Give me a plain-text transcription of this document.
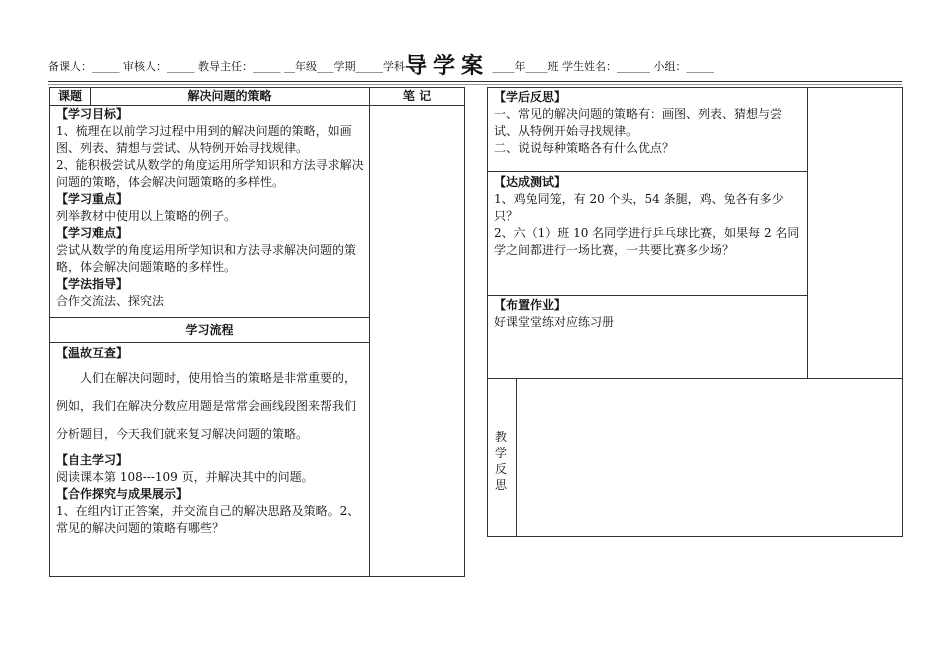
备课人：_____ 审核人：_____ 教导主任：_____ __年级___学期_____学科导学案 ____年____班 学生姓名：______ 小组：_____
课题	解决问题的策略	笔 记
【学习目标】

1、梳理在以前学习过程中用到的解决问题的策略，如画图、列表、猜想与尝试、从特例开始寻找规律。

2、能积极尝试从数学的角度运用所学知识和方法寻求解决问题的策略，体会解决问题策略的多样性。

【学习重点】

列举教材中使用以上策略的例子。

【学习难点】

尝试从数学的角度运用所学知识和方法寻求解决问题的策略，体会解决问题策略的多样性。

【学法指导】

合作交流法、探究法

学习流程
【温故互查】

人们在解决问题时，使用恰当的策略是非常重要的，例如，我们在解决分数应用题是常常会画线段图来帮我们分析题目，今天我们就来复习解决问题的策略。

【自主学习】

阅读课本第 108---109 页，并解决其中的问题。

【合作探究与成果展示】

1、在组内订正答案，并交流自己的解决思路及策略。2、常见的解决问题的策略有哪些？

【学后反思】

一、常见的解决问题的策略有：画图、列表、猜想与尝试、从特例开始寻找规律。

二、说说每种策略各有什么优点？

【达成测试】

1、鸡兔同笼，有 20 个头，54 条腿，鸡、兔各有多少只？

2、六（1）班 10 名同学进行乒乓球比赛，如果每 2 名同学之间都进行一场比赛，一共要比赛多少场？

【布置作业】

好课堂堂练对应练习册

教学反思
